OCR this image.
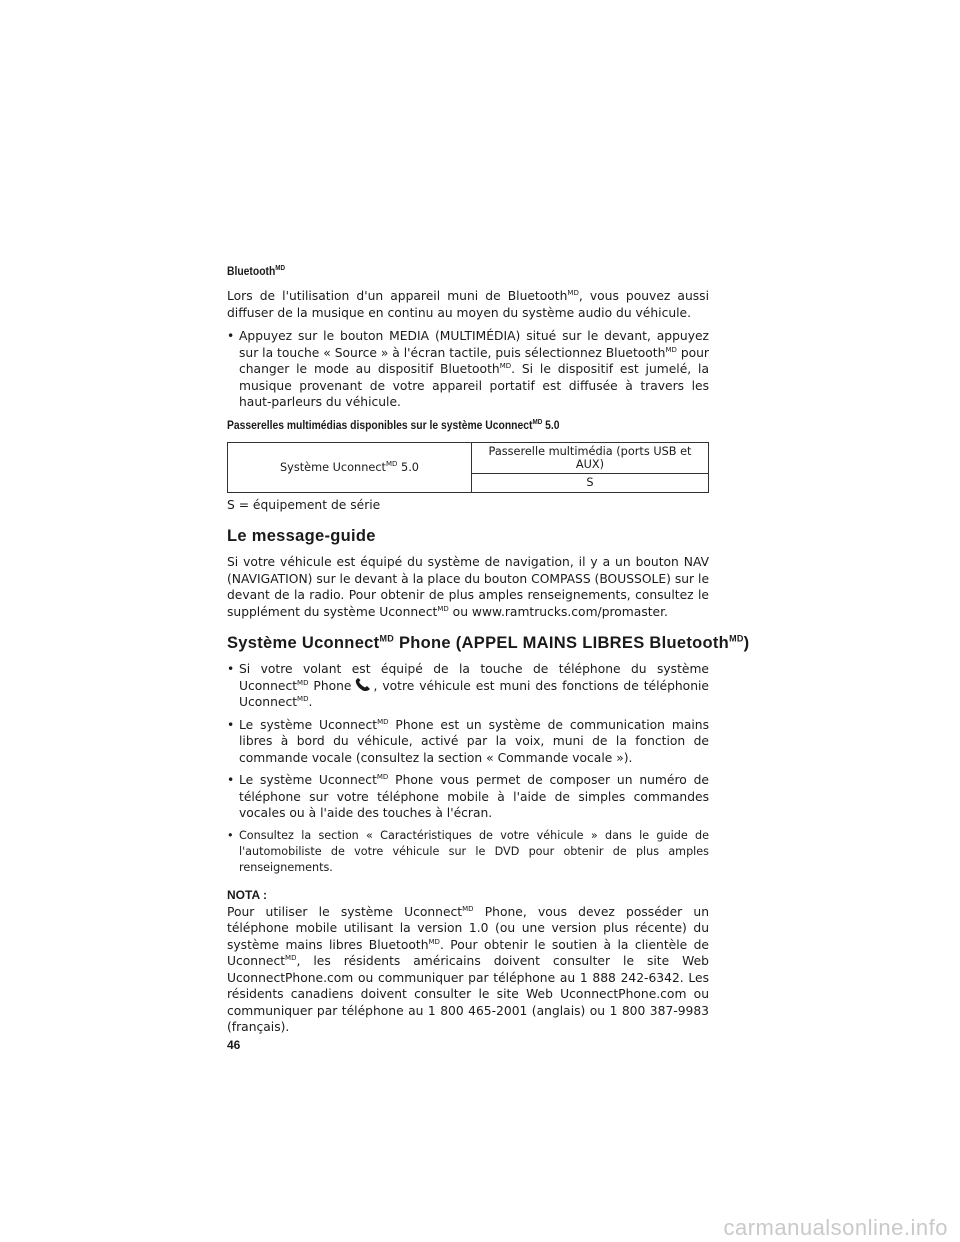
Bluetooth$^{MD}$

Lors de l'utilisation d'un appareil muni de Bluetooth$^{MD}$, vous pouvez aussi diffuser de la musique en continu au moyen du système audio du véhicule.

• Appuyez sur le bouton MEDIA (MULTIMÉDIA) situé sur le devant, appuyez sur la touche « Source » à l'écran tactile, puis sélectionnez Bluetooth$^{MD}$ pour changer le mode au dispositif Bluetooth$^{MD}$. Si le dispositif est jumelé, la musique provenant de votre appareil portatif est diffusée à travers les haut-parleurs du véhicule.
Passerelles multimédias disponibles sur le système Uconnect$^{MD}$ 5.0
Système Uconnect$^{MD}$ 5.0	Passerelle multimédia (ports USB et AUX)
S

S = équipement de série

Le message-guide

Si votre véhicule est équipé du système de navigation, il y a un bouton NAV (NAVIGATION) sur le devant à la place du bouton COMPASS (BOUSSOLE) sur le devant de la radio. Pour obtenir de plus amples renseignements, consultez le supplément du système Uconnect$^{MD}$ ou www.ramtrucks.com/promaster.

Système Uconnect$^{MD}$ Phone (APPEL MAINS LIBRES Bluetooth$^{MD}$)
• Si votre volant est équipé de la touche de téléphone du système Uconnect$^{MD}$ Phone , votre véhicule est muni des fonctions de téléphonie Uconnect$^{MD}$.
• Le système Uconnect$^{MD}$ Phone est un système de communication mains libres à bord du véhicule, activé par la voix, muni de la fonction de commande vocale (consultez la section « Commande vocale »).
• Le système Uconnect$^{MD}$ Phone vous permet de composer un numéro de téléphone sur votre téléphone mobile à l'aide de simples commandes vocales ou à l'aide des touches à l'écran.
• Consultez la section « Caractéristiques de votre véhicule » dans le guide de l'automobiliste de votre véhicule sur le DVD pour obtenir de plus amples renseignements.
NOTA :

Pour utiliser le système Uconnect$^{MD}$ Phone, vous devez posséder un téléphone mobile utilisant la version 1.0 (ou une version plus récente) du système mains libres Bluetooth$^{MD}$. Pour obtenir le soutien à la clientèle de Uconnect$^{MD}$, les résidents américains doivent consulter le site Web UconnectPhone.com ou communiquer par téléphone au 1 888 242-6342. Les résidents canadiens doivent consulter le site Web UconnectPhone.com ou communiquer par téléphone au 1 800 465-2001 (anglais) ou 1 800 387-9983 (français).

46
carmanualsonline.info
